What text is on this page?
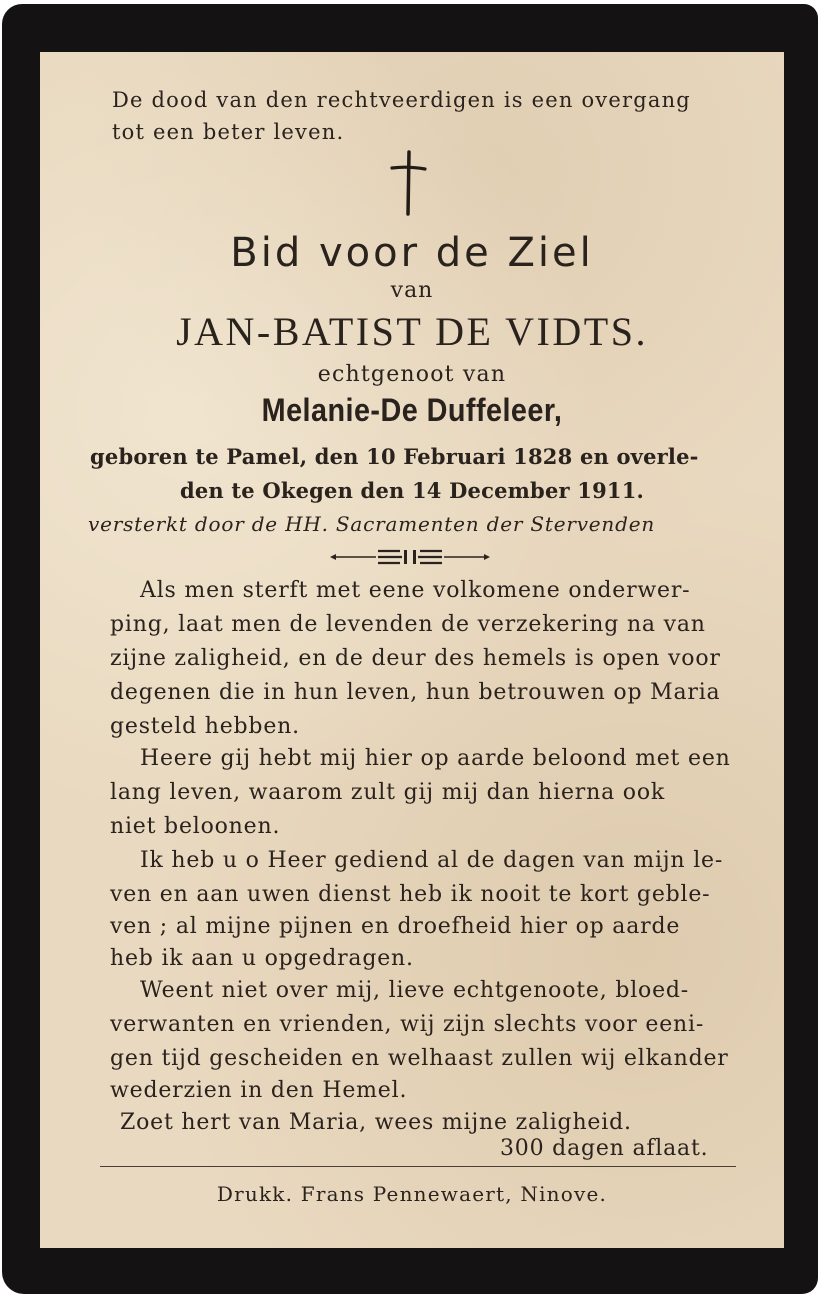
De dood van den rechtveerdigen is een overgang
tot een beter leven.
Bid voor de Ziel
van
JAN-BATIST DE VIDTS.
echtgenoot van
Melanie-De Duffeleer,
geboren te Pamel, den 10 Februari 1828 en overle-
den te Okegen den 14 December 1911.
versterkt door de HH. Sacramenten der Stervenden
Als men sterft met eene volkomene onderwer-
ping, laat men de levenden de verzekering na van
zijne zaligheid, en de deur des hemels is open voor
degenen die in hun leven, hun betrouwen op Maria
gesteld hebben.
Heere gij hebt mij hier op aarde beloond met een
lang leven, waarom zult gij mij dan hierna ook
niet beloonen.
Ik heb u o Heer gediend al de dagen van mijn le-
ven en aan uwen dienst heb ik nooit te kort geble-
ven ; al mijne pijnen en droefheid hier op aarde
heb ik aan u opgedragen.
Weent niet over mij, lieve echtgenoote, bloed-
verwanten en vrienden, wij zijn slechts voor eeni-
gen tijd gescheiden en welhaast zullen wij elkander
wederzien in den Hemel.
Zoet hert van Maria, wees mijne zaligheid.
300 dagen aflaat.
Drukk. Frans Pennewaert, Ninove.
